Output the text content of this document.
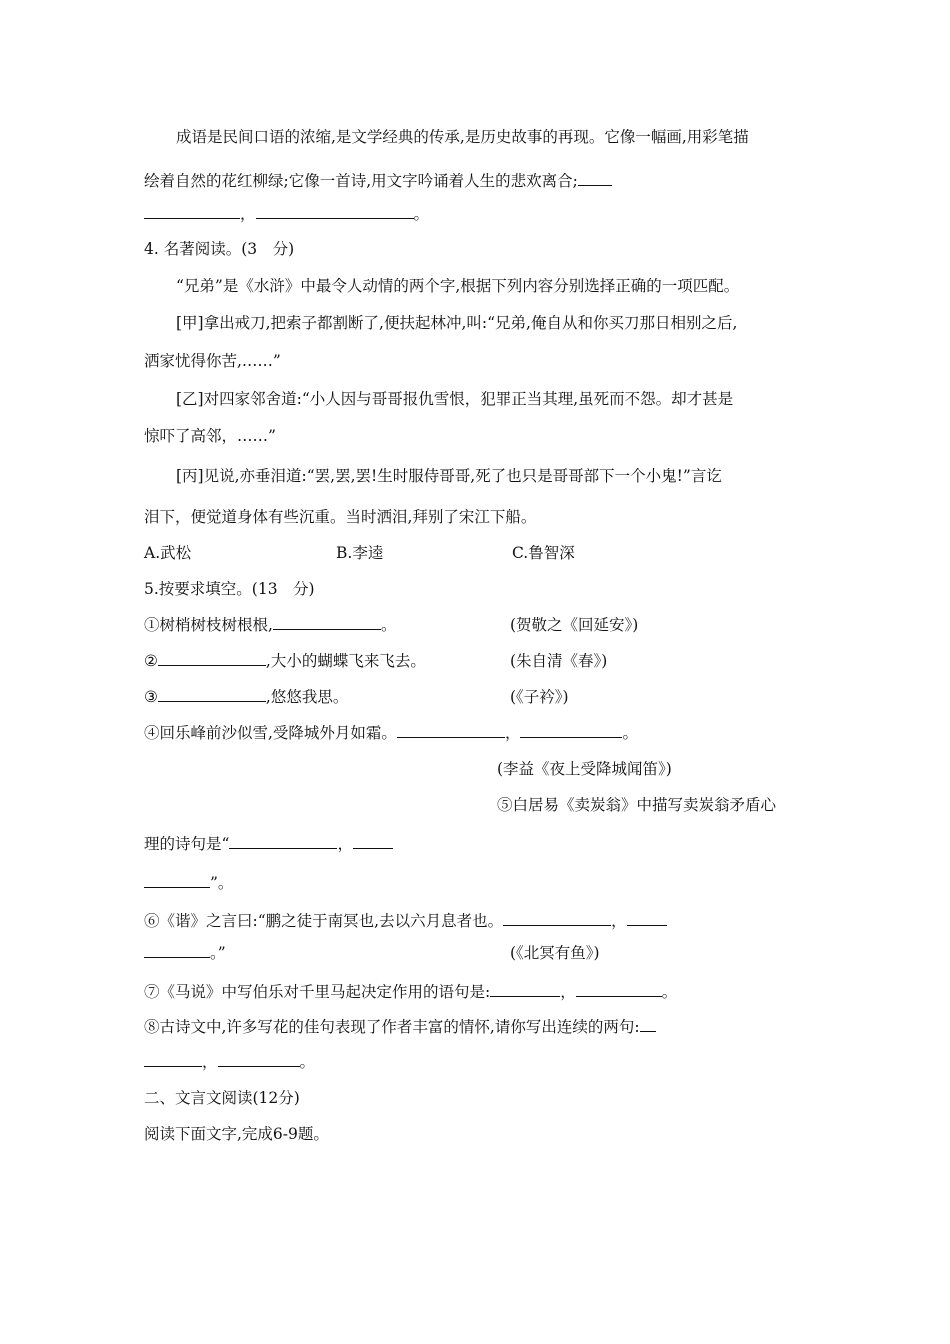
成语是民间口语的浓缩,是文学经典的传承,是历史故事的再现。它像一幅画,用彩笔描
绘着自然的花红柳绿;它像一首诗,用文字吟诵着人生的悲欢离合;
，	。
4. 名著阅读。(3　分)
“兄弟”是《水浒》中最令人动情的两个字,根据下列内容分别选择正确的一项匹配。
[甲]拿出戒刀,把索子都割断了,便扶起林冲,叫:“兄弟,俺自从和你买刀那日相别之后,
洒家忧得你苦,……”
[乙]对四家邻舍道:“小人因与哥哥报仇雪恨，犯罪正当其理,虽死而不怨。却才甚是
惊吓了高邻，……”
[丙]见说,亦垂泪道:“罢,罢,罢!生时服侍哥哥,死了也只是哥哥部下一个小鬼!”言讫
泪下，便觉道身体有些沉重。当时洒泪,拜别了宋江下船。
A.武松	B.李逵	C.鲁智深
5.按要求填空。(13　分)
①树梢树枝树根根,	。	(贺敬之《回延安》)
②	,大小的蝴蝶飞来飞去。	(朱自清《春》)
③	,悠悠我思。	(《子衿》)
④回乐峰前沙似雪,受降城外月如霜。	，	。
(李益《夜上受降城闻笛》)
⑤白居易《卖炭翁》中描写卖炭翁矛盾心
理的诗句是“	，
”。
⑥《谐》之言曰:“鹏之徒于南冥也,去以六月息者也。	，
。”	(《北冥有鱼》)
⑦《马说》中写伯乐对千里马起决定作用的语句是:	，	。
⑧古诗文中,许多写花的佳句表现了作者丰富的情怀,请你写出连续的两句:
，	。
二、文言文阅读(12分)
阅读下面文字,完成6-9题。
